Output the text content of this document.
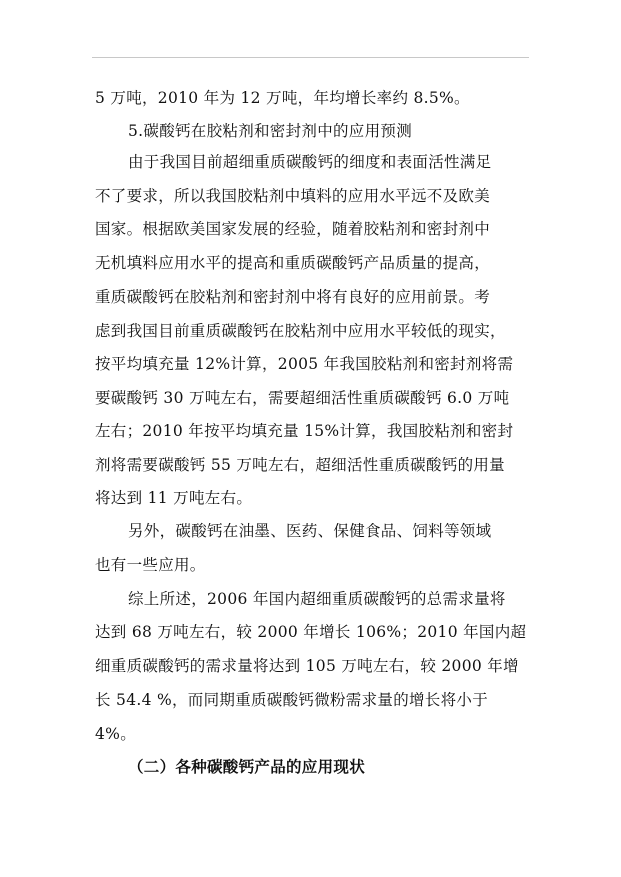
5 万吨，2010 年为 12 万吨，年均增长率约 8.5%。
5.碳酸钙在胶粘剂和密封剂中的应用预测
由于我国目前超细重质碳酸钙的细度和表面活性满足
不了要求，所以我国胶粘剂中填料的应用水平远不及欧美
国家。根据欧美国家发展的经验，随着胶粘剂和密封剂中
无机填料应用水平的提高和重质碳酸钙产品质量的提高，
重质碳酸钙在胶粘剂和密封剂中将有良好的应用前景。考
虑到我国目前重质碳酸钙在胶粘剂中应用水平较低的现实，
按平均填充量 12%计算，2005 年我国胶粘剂和密封剂将需
要碳酸钙 30 万吨左右，需要超细活性重质碳酸钙 6.0 万吨
左右；2010 年按平均填充量 15%计算，我国胶粘剂和密封
剂将需要碳酸钙 55 万吨左右，超细活性重质碳酸钙的用量
将达到 11 万吨左右。
另外，碳酸钙在油墨、医药、保健食品、饲料等领域
也有一些应用。
综上所述，2006 年国内超细重质碳酸钙的总需求量将
达到 68 万吨左右，较 2000 年增长 106%；2010 年国内超
细重质碳酸钙的需求量将达到 105 万吨左右，较 2000 年增
长 54.4 %，而同期重质碳酸钙微粉需求量的增长将小于
4%。
（二）各种碳酸钙产品的应用现状
